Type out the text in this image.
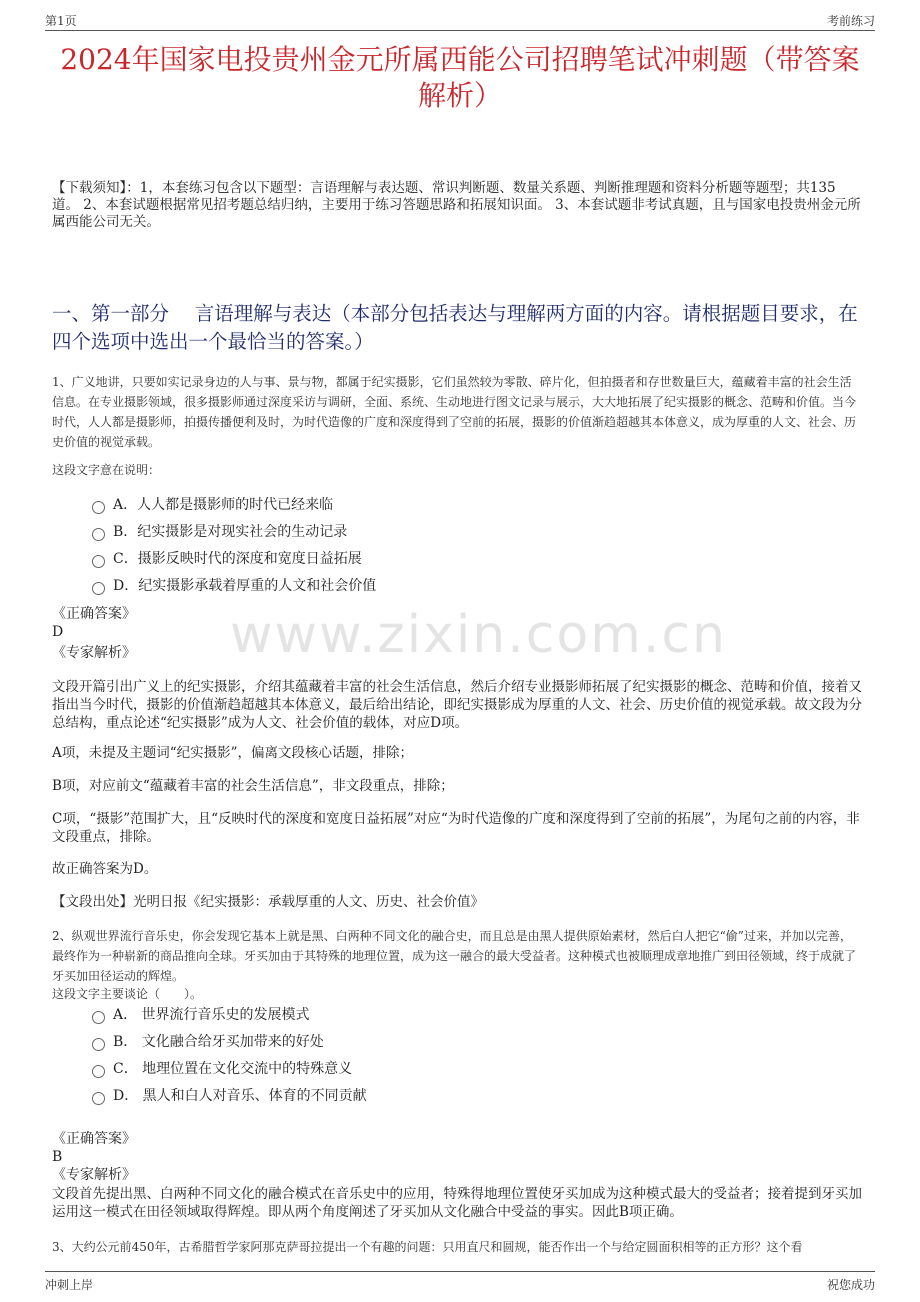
第1页	考前练习
www.zixin.com.cn
2024年国家电投贵州金元所属西能公司招聘笔试冲刺题（带答案解析）
【下载须知】：1，本套练习包含以下题型：言语理解与表达题、常识判断题、数量关系题、判断推理题和资料分析题等题型；共135道。 2、本套试题根据常见招考题总结归纳，主要用于练习答题思路和拓展知识面。 3、本套试题非考试真题，且与国家电投贵州金元所属西能公司无关。
一、第一部分　 言语理解与表达（本部分包括表达与理解两方面的内容。请根据题目要求，在四个选项中选出一个最恰当的答案。）
1、广义地讲，只要如实记录身边的人与事、景与物，都属于纪实摄影，它们虽然较为零散、碎片化，但拍摄者和存世数量巨大，蕴藏着丰富的社会生活信息。在专业摄影领域，很多摄影师通过深度采访与调研，全面、系统、生动地进行图文记录与展示，大大地拓展了纪实摄影的概念、范畴和价值。当今时代，人人都是摄影师，拍摄传播便利及时，为时代造像的广度和深度得到了空前的拓展，摄影的价值渐趋超越其本体意义，成为厚重的人文、社会、历史价值的视觉承载。
这段文字意在说明：
A．人人都是摄影师的时代已经来临
B．纪实摄影是对现实社会的生动记录
C．摄影反映时代的深度和宽度日益拓展
D．纪实摄影承载着厚重的人文和社会价值
《正确答案》
D
《专家解析》
文段开篇引出广义上的纪实摄影，介绍其蕴藏着丰富的社会生活信息，然后介绍专业摄影师拓展了纪实摄影的概念、范畴和价值，接着又指出当今时代，摄影的价值渐趋超越其本体意义，最后给出结论，即纪实摄影成为厚重的人文、社会、历史价值的视觉承载。故文段为分总结构，重点论述“纪实摄影”成为人文、社会价值的载体，对应D项。
A项，未提及主题词“纪实摄影”，偏离文段核心话题，排除；
B项，对应前文“蕴藏着丰富的社会生活信息”，非文段重点，排除；
C项，“摄影”范围扩大，且“反映时代的深度和宽度日益拓展”对应“为时代造像的广度和深度得到了空前的拓展”，为尾句之前的内容，非文段重点，排除。
故正确答案为D。
【文段出处】光明日报《纪实摄影：承载厚重的人文、历史、社会价值》
2、纵观世界流行音乐史，你会发现它基本上就是黑、白两种不同文化的融合史，而且总是由黑人提供原始素材，然后白人把它“偷”过来，并加以完善，最终作为一种崭新的商品推向全球。牙买加由于其特殊的地理位置，成为这一融合的最大受益者。这种模式也被顺理成章地推广到田径领域，终于成就了牙买加田径运动的辉煌。
这段文字主要谈论（　　）。
A． 世界流行音乐史的发展模式
B． 文化融合给牙买加带来的好处
C． 地理位置在文化交流中的特殊意义
D． 黑人和白人对音乐、体育的不同贡献
《正确答案》
B
《专家解析》
文段首先提出黑、白两种不同文化的融合模式在音乐史中的应用，特殊得地理位置使牙买加成为这种模式最大的受益者；接着提到牙买加运用这一模式在田径领域取得辉煌。即从两个角度阐述了牙买加从文化融合中受益的事实。因此B项正确。
3、大约公元前450年，古希腊哲学家阿那克萨哥拉提出一个有趣的问题：只用直尺和圆规，能否作出一个与给定圆面积相等的正方形？这个看
冲刺上岸	祝您成功
